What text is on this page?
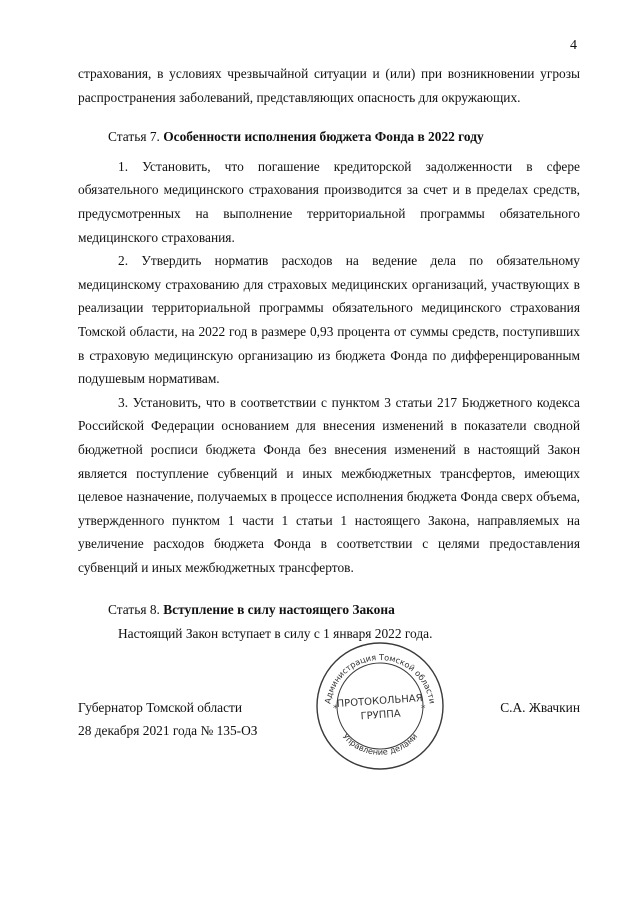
4

страхования, в условиях чрезвычайной ситуации и (или) при возникновении угрозы распространения заболеваний, представляющих опасность для окружающих.

Статья 7. Особенности исполнения бюджета Фонда в 2022 году

1. Установить, что погашение кредиторской задолженности в сфере обязательного медицинского страхования производится за счет и в пределах средств, предусмотренных на выполнение территориальной программы обязательного медицинского страхования.

2. Утвердить норматив расходов на ведение дела по обязательному медицинскому страхованию для страховых медицинских организаций, участвующих в реализации территориальной программы обязательного медицинского страхования Томской области, на 2022 год в размере 0,93 процента от суммы средств, поступивших в страховую медицинскую организацию из бюджета Фонда по дифференцированным подушевым нормативам.

3. Установить, что в соответствии с пунктом 3 статьи 217 Бюджетного кодекса Российской Федерации основанием для внесения изменений в показатели сводной бюджетной росписи бюджета Фонда без внесения изменений в настоящий Закон является поступление субвенций и иных межбюджетных трансфертов, имеющих целевое назначение, получаемых в процессе исполнения бюджета Фонда сверх объема, утвержденного пунктом 1 части 1 статьи 1 настоящего Закона, направляемых на увеличение расходов бюджета Фонда в соответствии с целями предоставления субвенций и иных межбюджетных трансфертов.

Статья 8. Вступление в силу настоящего Закона

Настоящий Закон вступает в силу с 1 января 2022 года.

Губернатор Томской области
28 декабря 2021 года № 135-ОЗ
С.А. Жвачкин
Администрация Томской области
Управление делами
ПРОТОКОЛЬНАЯ
ГРУППА
*	*
